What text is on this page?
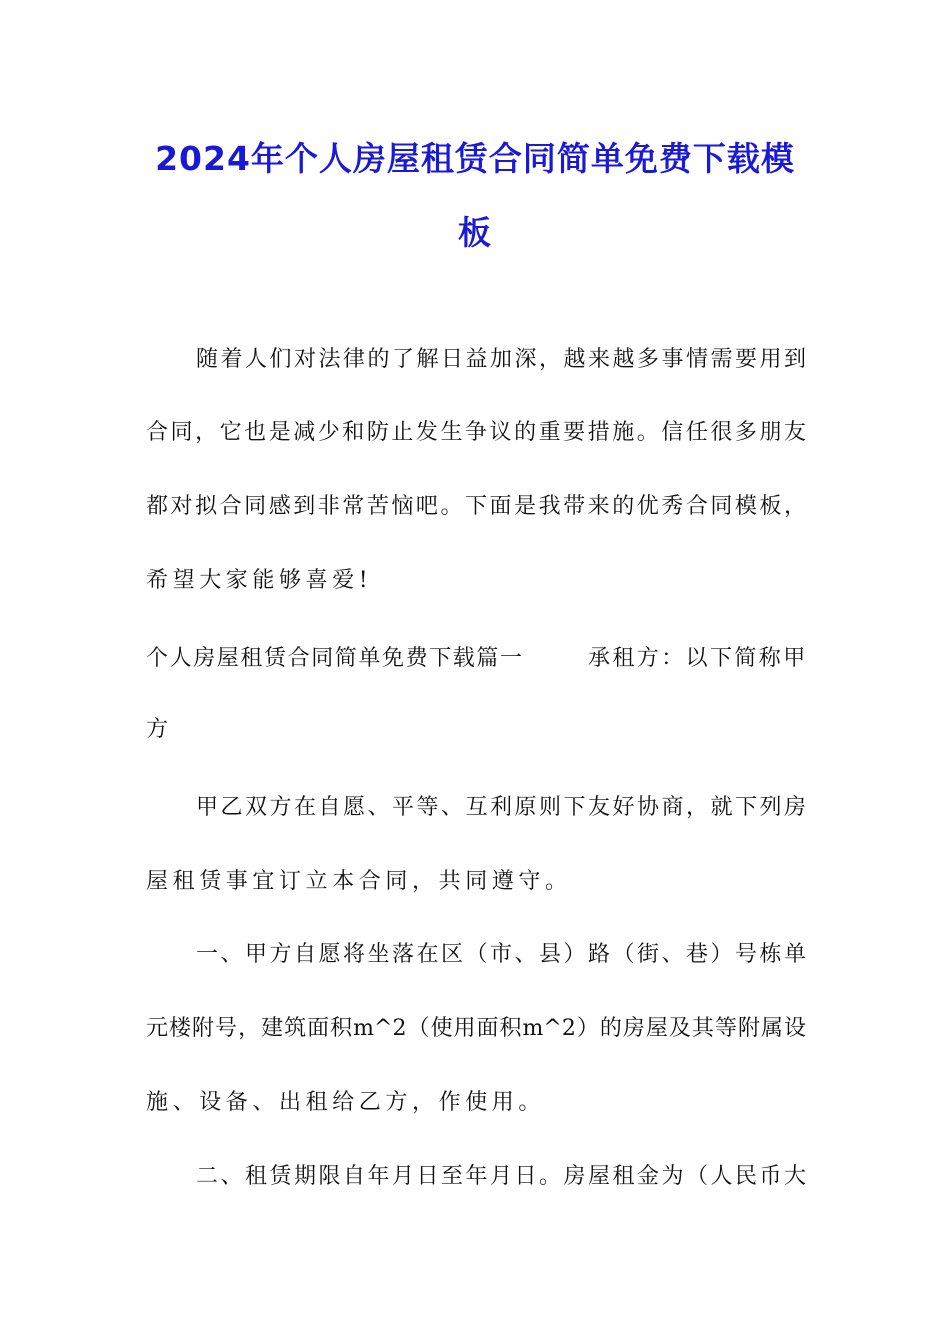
2024年个人房屋租赁合同简单免费下载模
板
随着人们对法律的了解日益加深，越来越多事情需要用到
合同，它也是减少和防止发生争议的重要措施。信任很多朋友
都对拟合同感到非常苦恼吧。下面是我带来的优秀合同模板，
希望大家能够喜爱!
个人房屋租赁合同简单免费下载篇一	承租方：以下简称甲
方
甲乙双方在自愿、平等、互利原则下友好协商，就下列房
屋租赁事宜订立本合同，共同遵守。
一、甲方自愿将坐落在区（市、县）路（街、巷）号栋单
元楼附号，建筑面积m^2（使用面积m^2）的房屋及其等附属设
施、设备、出租给乙方，作使用。
二、租赁期限自年月日至年月日。房屋租金为（人民币大
